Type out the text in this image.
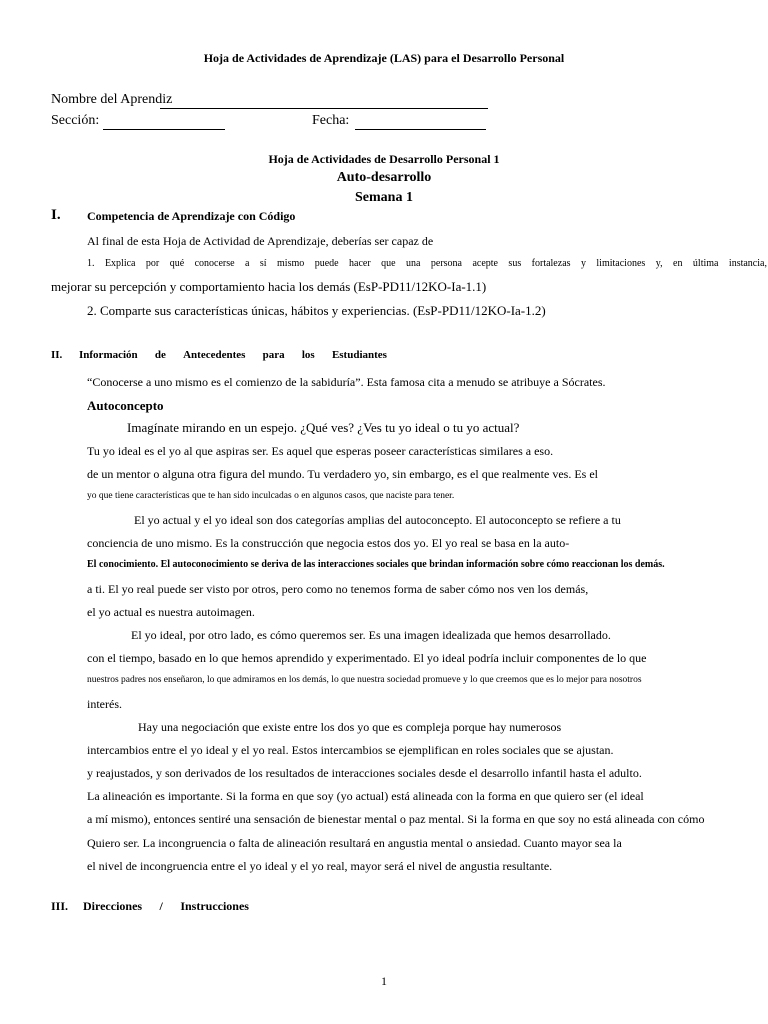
Hoja de Actividades de Aprendizaje (LAS) para el Desarrollo Personal
Nombre del Aprendiz
Sección:	Fecha:
Hoja de Actividades de Desarrollo Personal 1
Auto-desarrollo
Semana 1
I. Competencia de Aprendizaje con Código
Al final de esta Hoja de Actividad de Aprendizaje, deberías ser capaz de
1. Explica por qué conocerse a sí mismo puede hacer que una persona acepte sus fortalezas y limitaciones y, en última instancia,
mejorar su percepción y comportamiento hacia los demás (EsP-PD11/12KO-Ia-1.1)
2. Comparte sus características únicas, hábitos y experiencias. (EsP-PD11/12KO-Ia-1.2)
II. Información de Antecedentes para los Estudiantes
“Conocerse a uno mismo es el comienzo de la sabiduría”. Esta famosa cita a menudo se atribuye a Sócrates.
Autoconcepto
Imagínate mirando en un espejo. ¿Qué ves? ¿Ves tu yo ideal o tu yo actual?
Tu yo ideal es el yo al que aspiras ser. Es aquel que esperas poseer características similares a eso.
de un mentor o alguna otra figura del mundo. Tu verdadero yo, sin embargo, es el que realmente ves. Es el
yo que tiene características que te han sido inculcadas o en algunos casos, que naciste para tener.
El yo actual y el yo ideal son dos categorías amplias del autoconcepto. El autoconcepto se refiere a tu
conciencia de uno mismo. Es la construcción que negocia estos dos yo. El yo real se basa en la auto-
El conocimiento. El autoconocimiento se deriva de las interacciones sociales que brindan información sobre cómo reaccionan los demás.
a ti. El yo real puede ser visto por otros, pero como no tenemos forma de saber cómo nos ven los demás,
el yo actual es nuestra autoimagen.
El yo ideal, por otro lado, es cómo queremos ser. Es una imagen idealizada que hemos desarrollado.
con el tiempo, basado en lo que hemos aprendido y experimentado. El yo ideal podría incluir componentes de lo que
nuestros padres nos enseñaron, lo que admiramos en los demás, lo que nuestra sociedad promueve y lo que creemos que es lo mejor para nosotros
interés.
Hay una negociación que existe entre los dos yo que es compleja porque hay numerosos
intercambios entre el yo ideal y el yo real. Estos intercambios se ejemplifican en roles sociales que se ajustan.
y reajustados, y son derivados de los resultados de interacciones sociales desde el desarrollo infantil hasta el adulto.
La alineación es importante. Si la forma en que soy (yo actual) está alineada con la forma en que quiero ser (el ideal
a mí mismo), entonces sentiré una sensación de bienestar mental o paz mental. Si la forma en que soy no está alineada con cómo
Quiero ser. La incongruencia o falta de alineación resultará en angustia mental o ansiedad. Cuanto mayor sea la
el nivel de incongruencia entre el yo ideal y el yo real, mayor será el nivel de angustia resultante.
III. Direcciones / Instrucciones
1
